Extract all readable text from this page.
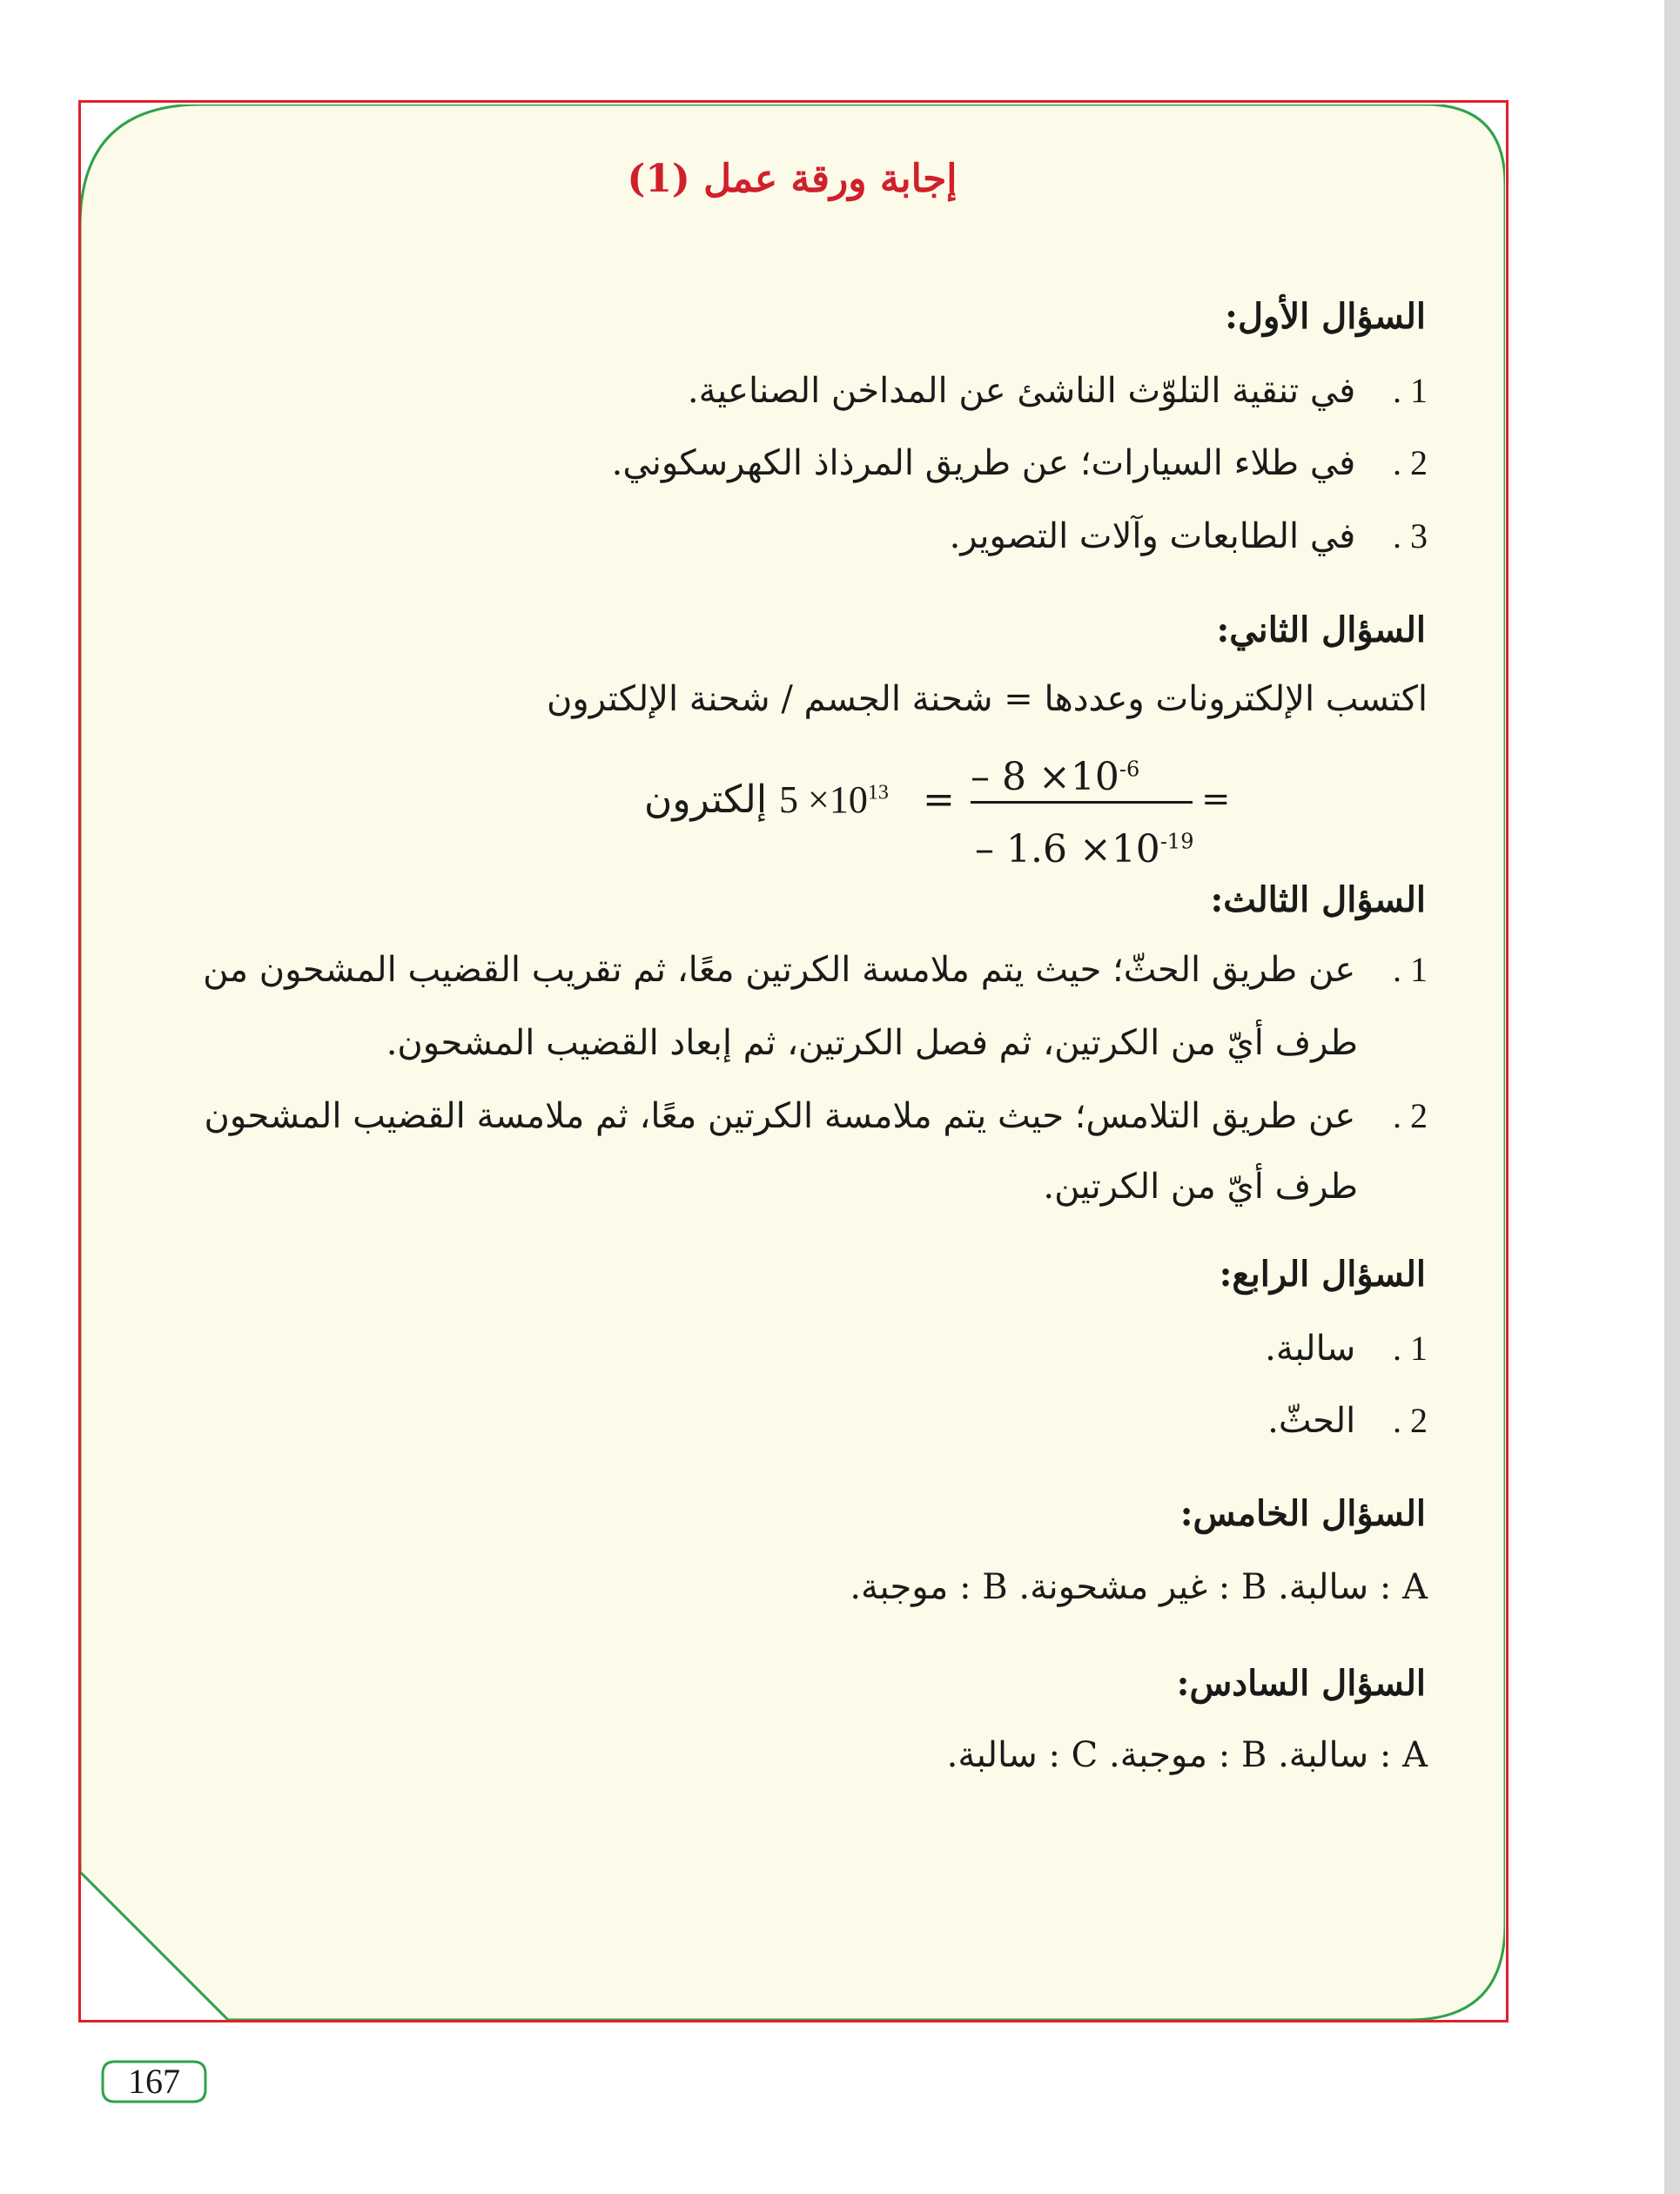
إجابة ورقة عمل (1)
السؤال الأول:
1 . في تنقية التلوّث الناشئ عن المداخن الصناعية.
2 . في طلاء السيارات؛ عن طريق المرذاذ الكهرسكوني.
3 . في الطابعات وآلات التصوير.
السؤال الثاني:
اكتسب الإلكترونات وعددها = شحنة الجسم / شحنة الإلكترون
=
– $8 \times 10^{-6}$
– $1.6 \times 10^{-19}$
=
$5 \times 10^{13}$ إلكترون
السؤال الثالث:
1 . عن طريق الحثّ؛ حيث يتم ملامسة الكرتين معًا، ثم تقريب القضيب المشحون من
طرف أيّ من الكرتين، ثم فصل الكرتين، ثم إبعاد القضيب المشحون.
2 . عن طريق التلامس؛ حيث يتم ملامسة الكرتين معًا، ثم ملامسة القضيب المشحون
طرف أيّ من الكرتين.
السؤال الرابع:
1 . سالبة.
2 . الحثّ.
السؤال الخامس:
A : سالبة. B : غير مشحونة. B : موجبة.
السؤال السادس:
A : سالبة. B : موجبة. C : سالبة.
167
